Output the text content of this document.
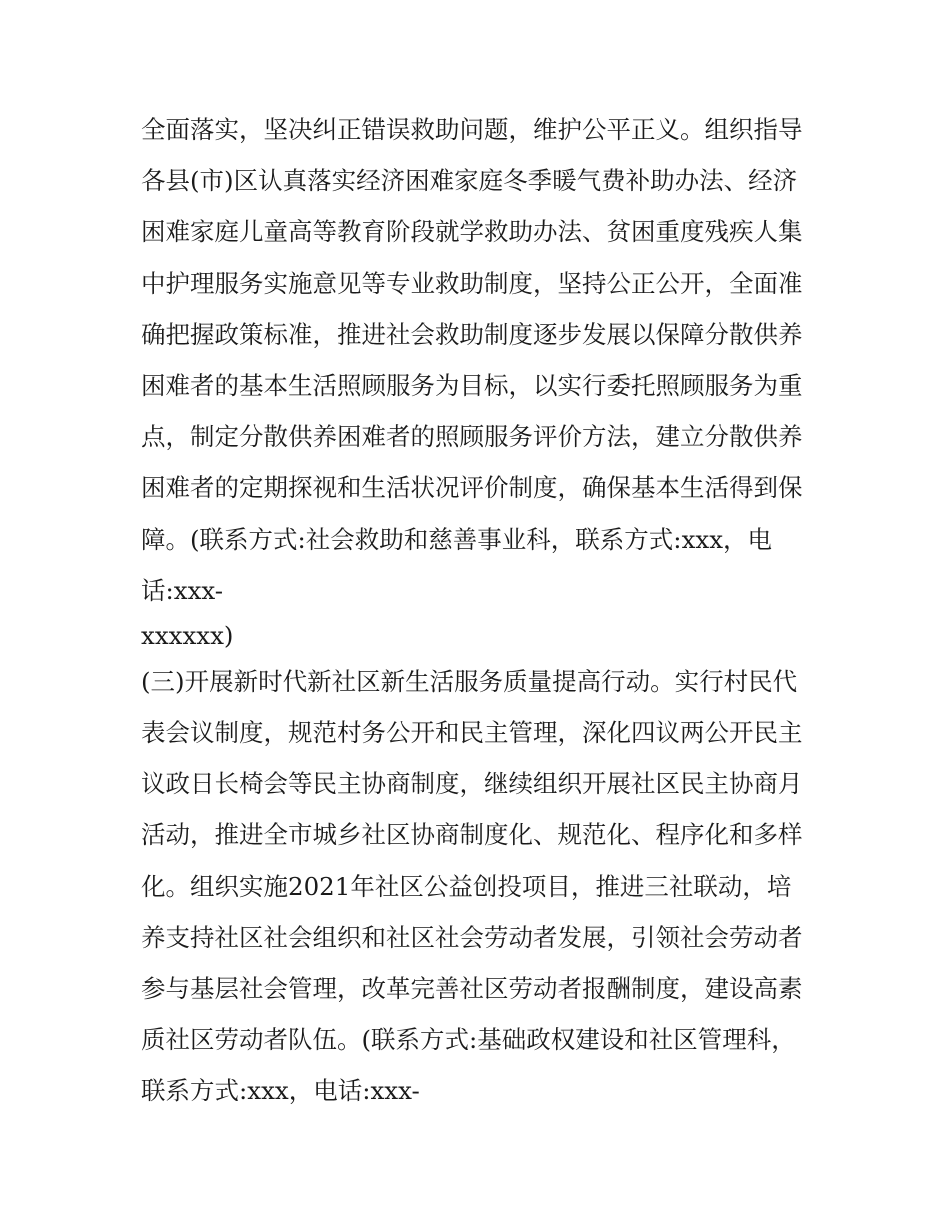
全面落实，坚决纠正错误救助问题，维护公平正义。组织指导

各县(市)区认真落实经济困难家庭冬季暖气费补助办法、经济

困难家庭儿童高等教育阶段就学救助办法、贫困重度残疾人集

中护理服务实施意见等专业救助制度，坚持公正公开，全面准

确把握政策标准，推进社会救助制度逐步发展以保障分散供养

困难者的基本生活照顾服务为目标，以实行委托照顾服务为重

点，制定分散供养困难者的照顾服务评价方法，建立分散供养

困难者的定期探视和生活状况评价制度，确保基本生活得到保

障。(联系方式:社会救助和慈善事业科，联系方式:xxx，电

话:xxx-

xxxxxx)

(三)开展新时代新社区新生活服务质量提高行动。实行村民代

表会议制度，规范村务公开和民主管理，深化四议两公开民主

议政日长椅会等民主协商制度，继续组织开展社区民主协商月

活动，推进全市城乡社区协商制度化、规范化、程序化和多样

化。组织实施2021年社区公益创投项目，推进三社联动，培

养支持社区社会组织和社区社会劳动者发展，引领社会劳动者

参与基层社会管理，改革完善社区劳动者报酬制度，建设高素

质社区劳动者队伍。(联系方式:基础政权建设和社区管理科，

联系方式:xxx，电话:xxx-
